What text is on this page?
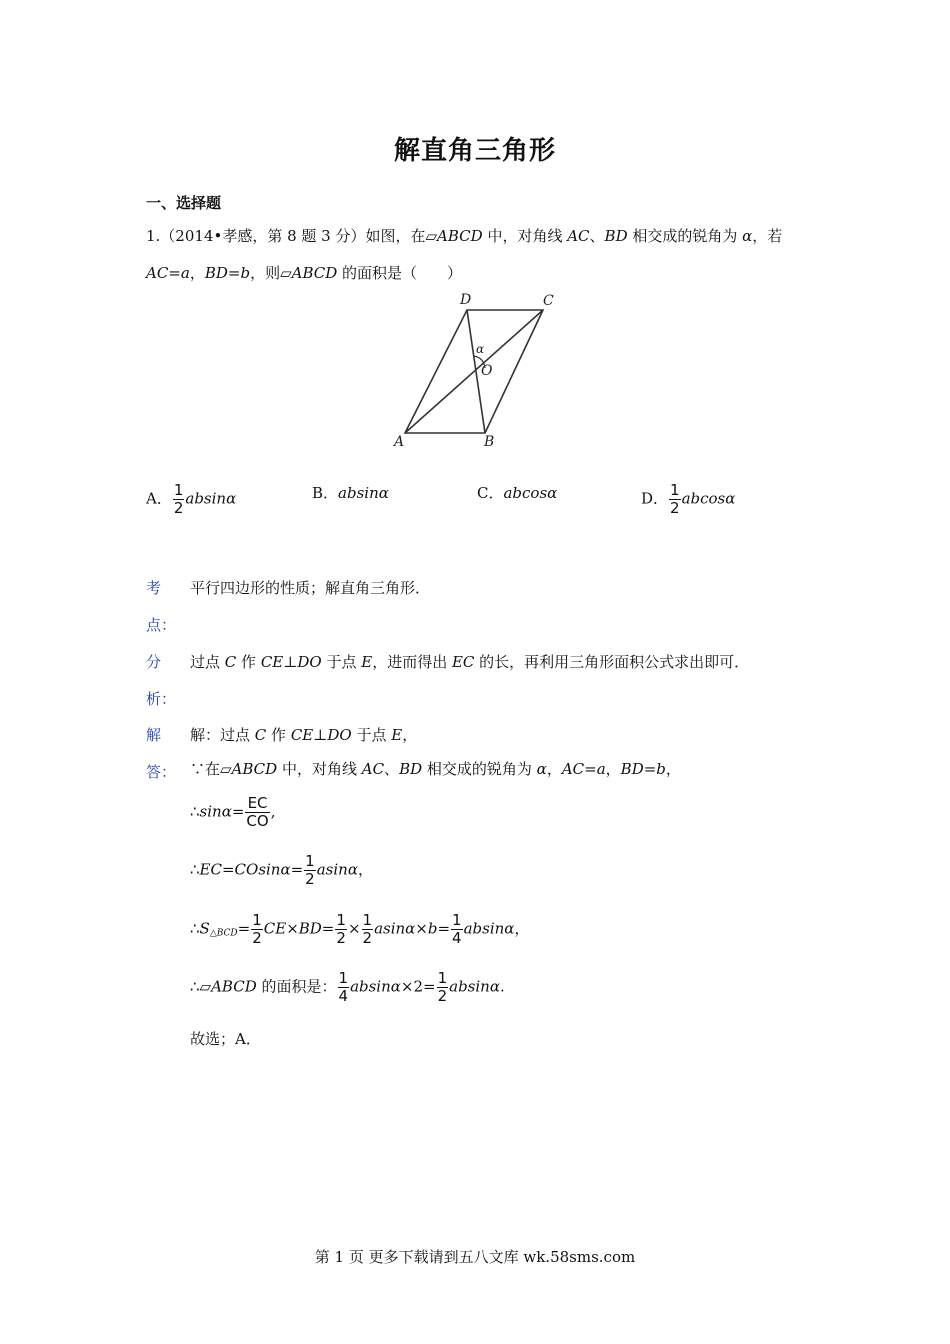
解直角三角形
一、选择题
1.（2014•孝感，第 8 题 3 分）如图，在▱ABCD 中，对角线 AC、BD 相交成的锐角为 α，若
AC=a，BD=b，则▱ABCD 的面积是（　　）
D	C
A	B
O
α
A． $\frac{1}{2}$ absinα	B．absinα	C．abcosα	D． $\frac{1}{2}$ abcosα
考
点：
平行四边形的性质；解直角三角形．
分
析：
过点 C 作 CE⊥DO 于点 E，进而得出 EC 的长，再利用三角形面积公式求出即可．
解
答：
解：过点 C 作 CE⊥DO 于点 E，
∵在▱ABCD 中，对角线 AC、BD 相交成的锐角为 α，AC=a，BD=b，
∴sinα= $\frac{EC}{CO}$ ,
∴EC=COsinα= $\frac{1}{2}$ asinα，
$\therefore S_{\triangle BCD}= \frac{1}{2} CE\times BD= \frac{1}{2} \times \frac{1}{2} asin\alpha\times b= \frac{1}{4}$ absinα，
∴▱ABCD 的面积是： $\frac{1}{4} absin\alpha\times 2= \frac{1}{2} absin\alpha$.
故选；A．
第 1 页 更多下载请到五八文库 wk.58sms.com
